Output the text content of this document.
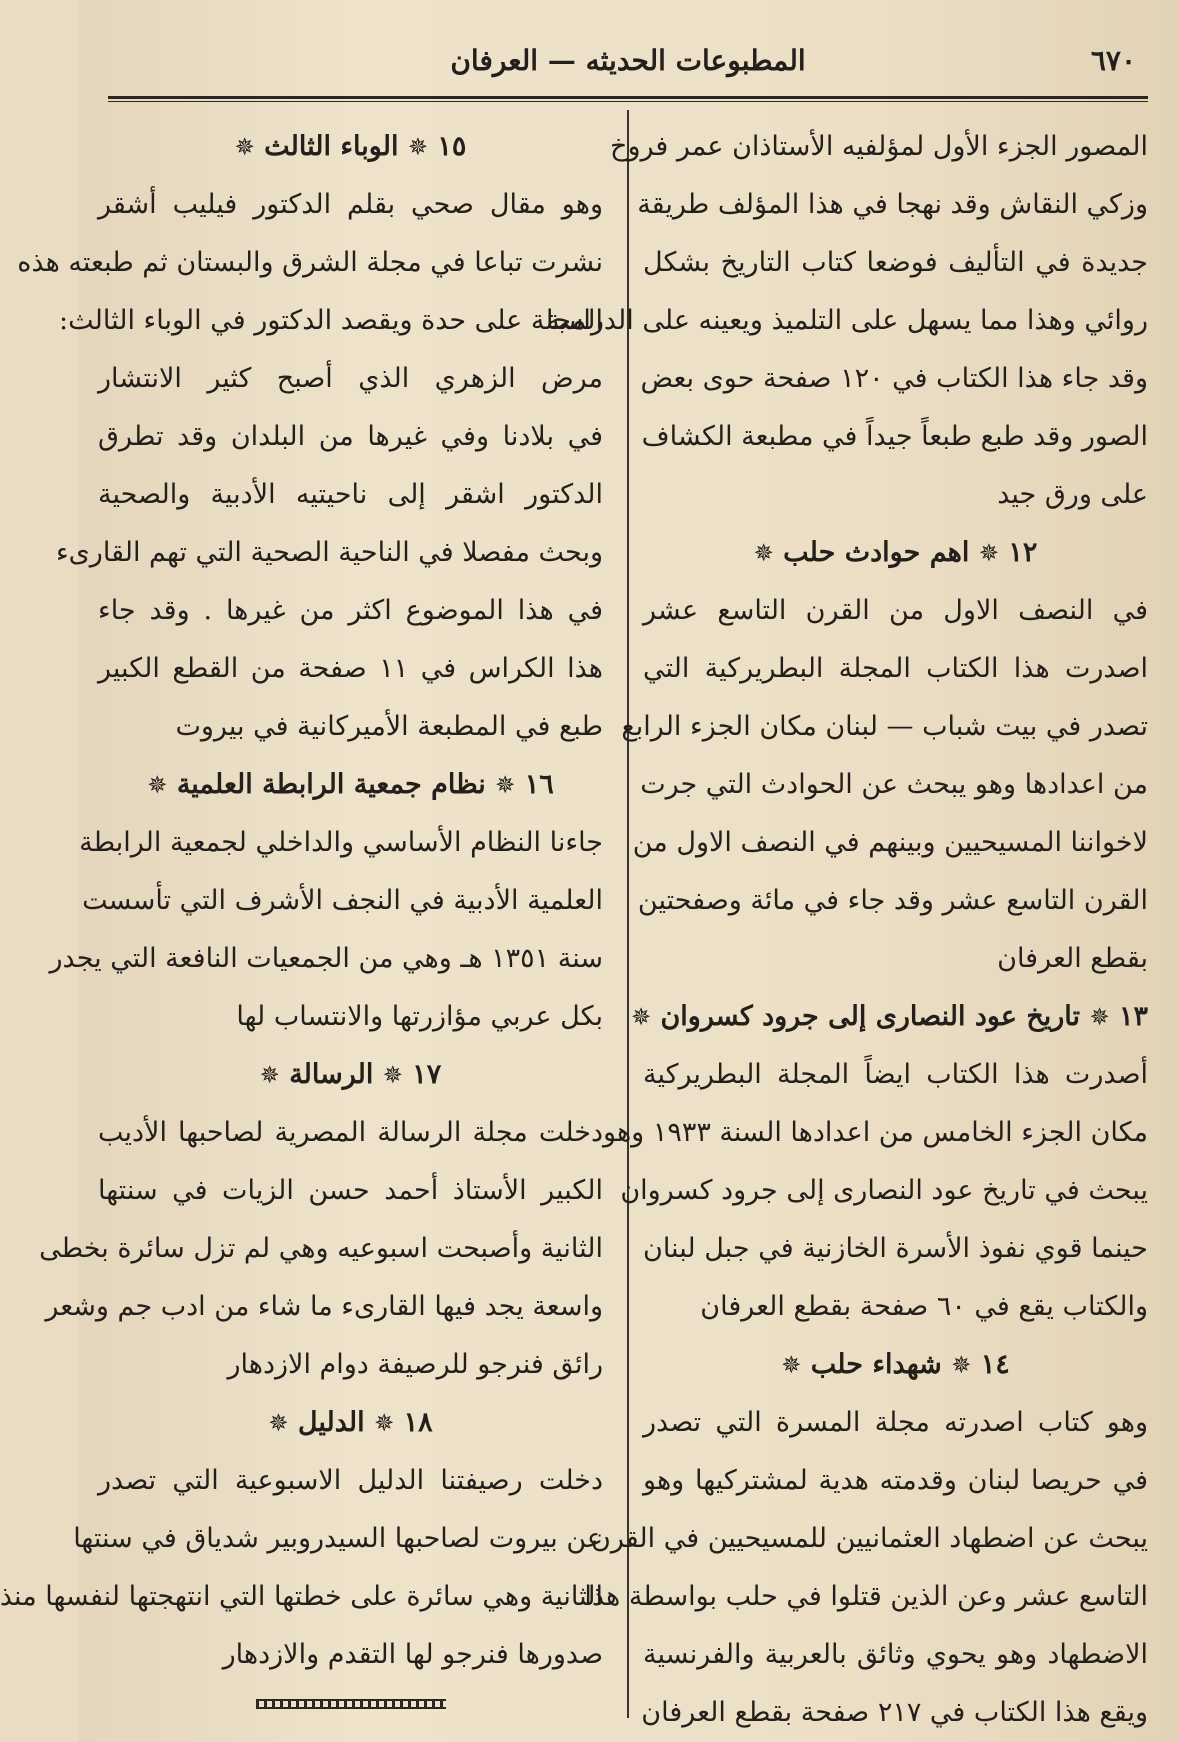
٦٧٠
المطبوعات الحديثه — العرفان
المصور الجزء الأول لمؤلفيه الأستاذان عمر فروخ
وزكي النقاش وقد نهجا في هذا المؤلف طريقة
جديدة في التأليف فوضعا كتاب التاريخ بشكل
روائي وهذا مما يسهل على التلميذ ويعينه على الدراسة
وقد جاء هذا الكتاب في ١٢٠ صفحة حوى بعض
الصور وقد طبع طبعاً جيداً في مطبعة الكشاف
على ورق جيد
١٢ ✵ اهم حوادث حلب ✵
في النصف الاول من القرن التاسع عشر
اصدرت هذا الكتاب المجلة البطريركية التي
تصدر في بيت شباب — لبنان مكان الجزء الرابع
من اعدادها وهو يبحث عن الحوادث التي جرت
لاخواننا المسيحيين وبينهم في النصف الاول من
القرن التاسع عشر وقد جاء في مائة وصفحتين
بقطع العرفان
١٣ ✵ تاريخ عود النصارى إلى جرود كسروان ✵
أصدرت هذا الكتاب ايضاً المجلة البطريركية
مكان الجزء الخامس من اعدادها السنة ١٩٣٣ وهو
يبحث في تاريخ عود النصارى إلى جرود كسروان
حينما قوي نفوذ الأسرة الخازنية في جبل لبنان
والكتاب يقع في ٦٠ صفحة بقطع العرفان
١٤ ✵ شهداء حلب ✵
وهو كتاب اصدرته مجلة المسرة التي تصدر
في حريصا لبنان وقدمته هدية لمشتركيها وهو
يبحث عن اضطهاد العثمانيين للمسيحيين في القرن
التاسع عشر وعن الذين قتلوا في حلب بواسطة هذا
الاضطهاد وهو يحوي وثائق بالعربية والفرنسية
ويقع هذا الكتاب في ٢١٧ صفحة بقطع العرفان
١٥ ✵ الوباء الثالث ✵
وهو مقال صحي بقلم الدكتور فيليب أشقر
نشرت تباعا في مجلة الشرق والبستان ثم طبعته هذه
المجلة على حدة ويقصد الدكتور في الوباء الثالث:
مرض الزهري الذي أصبح كثير الانتشار
في بلادنا وفي غيرها من البلدان وقد تطرق
الدكتور اشقر إلى ناحيتيه الأدبية والصحية
وبحث مفصلا في الناحية الصحية التي تهم القارىء
في هذا الموضوع اكثر من غيرها . وقد جاء
هذا الكراس في ١١ صفحة من القطع الكبير
طبع في المطبعة الأميركانية في بيروت
١٦ ✵ نظام جمعية الرابطة العلمية ✵
جاءنا النظام الأساسي والداخلي لجمعية الرابطة
العلمية الأدبية في النجف الأشرف التي تأسست
سنة ١٣٥١ هـ وهي من الجمعيات النافعة التي يجدر
بكل عربي مؤازرتها والانتساب لها
١٧ ✵ الرسالة ✵
دخلت مجلة الرسالة المصرية لصاحبها الأديب
الكبير الأستاذ أحمد حسن الزيات في سنتها
الثانية وأصبحت اسبوعيه وهي لم تزل سائرة بخطى
واسعة يجد فيها القارىء ما شاء من ادب جم وشعر
رائق فنرجو للرصيفة دوام الازدهار
١٨ ✵ الدليل ✵
دخلت رصيفتنا الدليل الاسبوعية التي تصدر
عن بيروت لصاحبها السيدروبير شدياق في سنتها
الثانية وهي سائرة على خطتها التي انتهجتها لنفسها منذ
صدورها فنرجو لها التقدم والازدهار
